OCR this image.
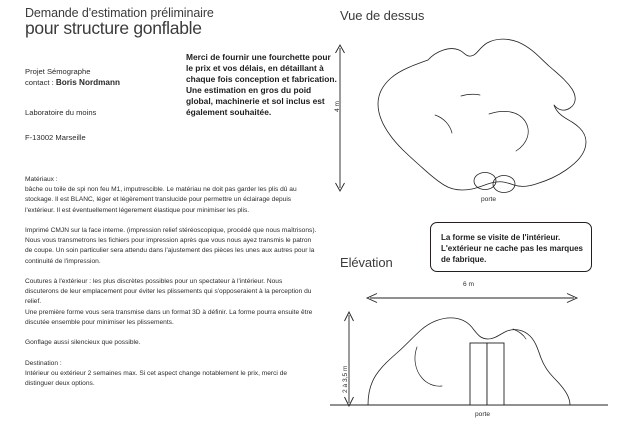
Demande d'estimation préliminaire
pour structure gonflable
Projet Sémographe
contact : Boris Nordmann
Laboratoire du moins
F-13002 Marseille
Merci de fournir une fourchette pour le prix et vos délais, en détaillant à chaque fois conception et fabrication. Une estimation en gros du poid global, machinerie et sol inclus est également souhaitée.

Matériaux :

bâche ou toile de spi non feu M1, imputrescible. Le matériau ne doit pas garder les plis dû au stockage. Il est BLANC, léger et légèrement translucide pour permettre un éclairage depuis l'extérieur. Il est éventuellement légerement élastique pour minimiser les plis.

Imprimé CMJN sur la face interne. (impression relief stéréoscopique, procédé que nous maîtrisons). Nous vous transmetrons les fichiers pour impression après que vous nous ayez transmis le patron de coupe. Un soin particulier sera attendu dans l'ajustement des pièces les unes aux autres pour la continuité de l'impression.

Coutures à l'extérieur : les plus discrètes possibles pour un spectateur à l'intérieur. Nous discuterons de leur emplacement pour éviter les plissements qui s'opposeraient à la perception du relief.

Une première forme vous sera transmise dans un format 3D à définir. La forme pourra ensuite être discutée ensemble pour minimiser les plissements.

Gonflage aussi silencieux que possible.

Destination :

Intérieur ou extérieur 2 semaines max. Si cet aspect change notablement le prix, merci de distinguer deux options.

Vue de dessus
4 m
porte
La forme se visite de l'intérieur. L'extérieur ne cache pas les marques de fabrique.
Elévation
2 à 3,5 m
6 m
porte
